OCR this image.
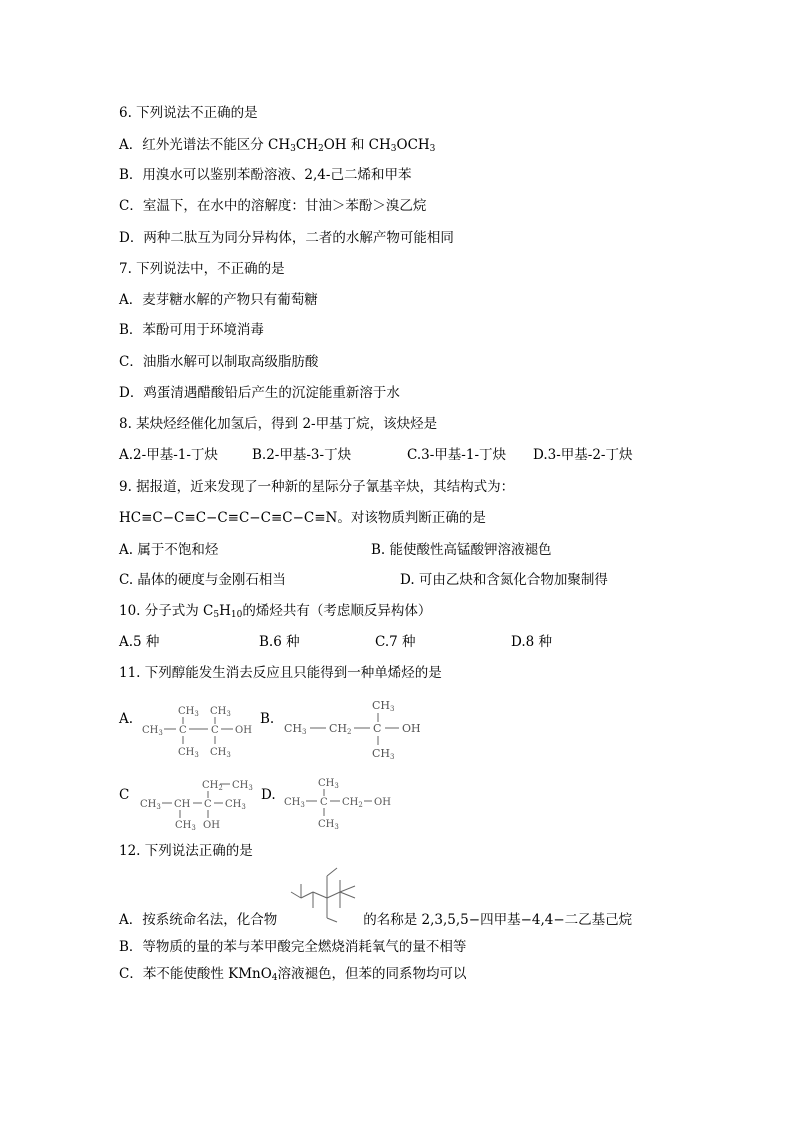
6. 下列说法不正确的是
A．红外光谱法不能区分 $CH_3CH_2OH$ 和 $CH_3OCH_3$
B．用溴水可以鉴别苯酚溶液、2,4-己二烯和甲苯
C．室温下，在水中的溶解度：甘油＞苯酚＞溴乙烷
D．两种二肽互为同分异构体，二者的水解产物可能相同
7. 下列说法中，不正确的是
A．麦芽糖水解的产物只有葡萄糖
B．苯酚可用于环境消毒
C．油脂水解可以制取高级脂肪酸
D．鸡蛋清遇醋酸铅后产生的沉淀能重新溶于水
8. 某炔烃经催化加氢后，得到 2-甲基丁烷，该炔烃是
A.2-甲基-1-丁炔	B.2-甲基-3-丁炔	C.3-甲基-1-丁炔 D.3-甲基-2-丁炔
9. 据报道，近来发现了一种新的星际分子氰基辛炔，其结构式为：
HC≡C−C≡C−C≡C−C≡C−C≡N。对该物质判断正确的是
A. 属于不饱和烃	B. 能使酸性高锰酸钾溶液褪色
C. 晶体的硬度与金刚石相当	D. 可由乙炔和含氮化合物加聚制得
10. 分子式为 $C_5H_{10}$的烯烃共有（考虑顺反异构体）
A.5 种	B.6 种	C.7 种	D.8 种
11. 下列醇能发生消去反应且只能得到一种单烯烃的是
A.	$CH_3$ $CH_3$
$CH_3$ C C OH
$CH_3$ $CH_3$
B.
CH3
CH3 CH2 C OH
CH3
C
$CH_2$ $CH_3$
$CH_3$ CH C $CH_3$
$CH_3$ OH
D.
$CH_3$
$CH_3$ C $CH_2$ OH
$CH_3$
12. 下列说法正确的是
A．按系统命名法，化合物	的名称是 2,3,5,5−四甲基−4,4−二乙基己烷
B．等物质的量的苯与苯甲酸完全燃烧消耗氧气的量不相等
C．苯不能使酸性 KMnO$_4$溶液褪色，但苯的同系物均可以
